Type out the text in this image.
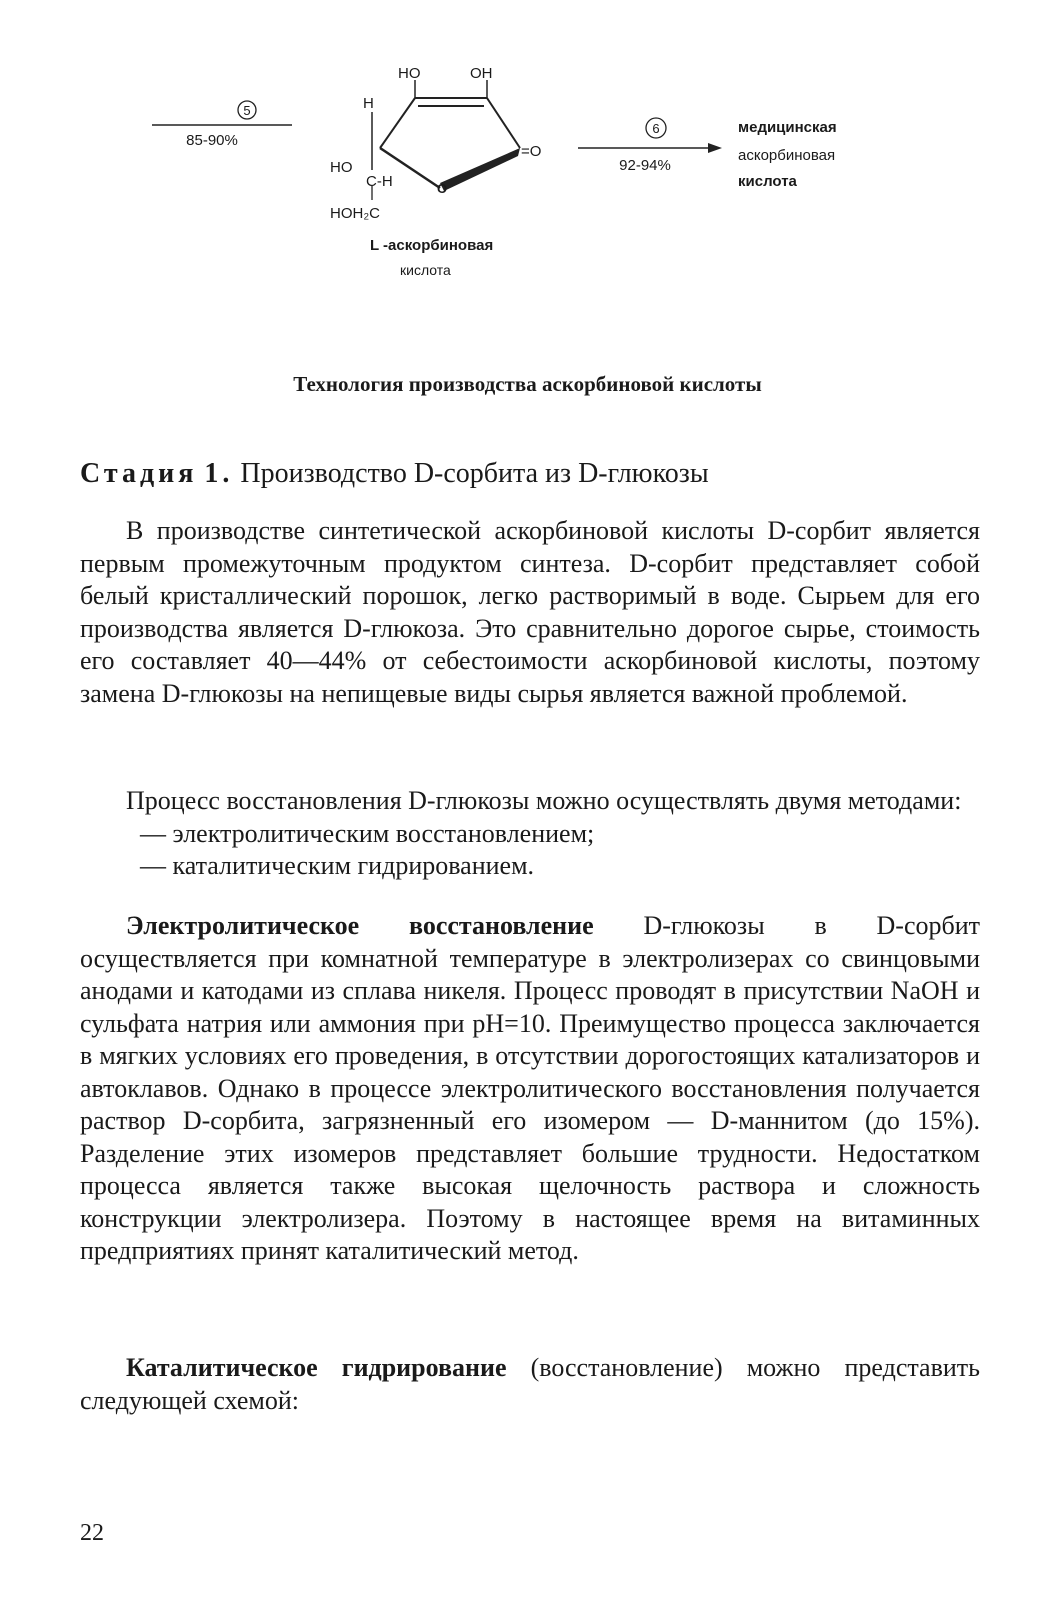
5
85-90%
HO	OH
H
HO
C-H
HOH₂C
O
=O
L -аскорбиновая
кислота
6
92-94%
медицинская
аскорбиновая
кислота
Технология производства аскорбиновой кислоты
Стадия 1. Производство D-сорбита из D-глюкозы

В производстве синтетической аскорбиновой кислоты D-сорбит является первым промежуточным продуктом синтеза. D-сорбит представляет собой белый кристаллический порошок, легко растворимый в воде. Сырьем для его производства является D-глюкоза. Это сравнительно дорогое сырье, стоимость его составляет 40—44% от себестоимости аскорбиновой кислоты, поэтому замена D-глюкозы на непищевые виды сырья является важной проблемой.

Процесс восстановления D-глюкозы можно осуществлять двумя методами:

— электролитическим восстановлением;

— каталитическим гидрированием.

Электролитическое восстановление D-глюкозы в D-сорбит осуществляется при комнатной температуре в электролизерах со свинцовыми анодами и катодами из сплава никеля. Процесс проводят в присутствии NaOH и сульфата натрия или аммония при pH=10. Преимущество процесса заключается в мягких условиях его проведения, в отсутствии дорогостоящих катализаторов и автоклавов. Однако в процессе электролитического восстановления получается раствор D-сорбита, загрязненный его изомером — D-маннитом (до 15%). Разделение этих изомеров представляет большие трудности. Недостатком процесса является также высокая щелочность раствора и сложность конструкции электролизера. Поэтому в настоящее время на витаминных предприятиях принят каталитический метод.

Каталитическое гидрирование (восстановление) можно представить следующей схемой:

22
